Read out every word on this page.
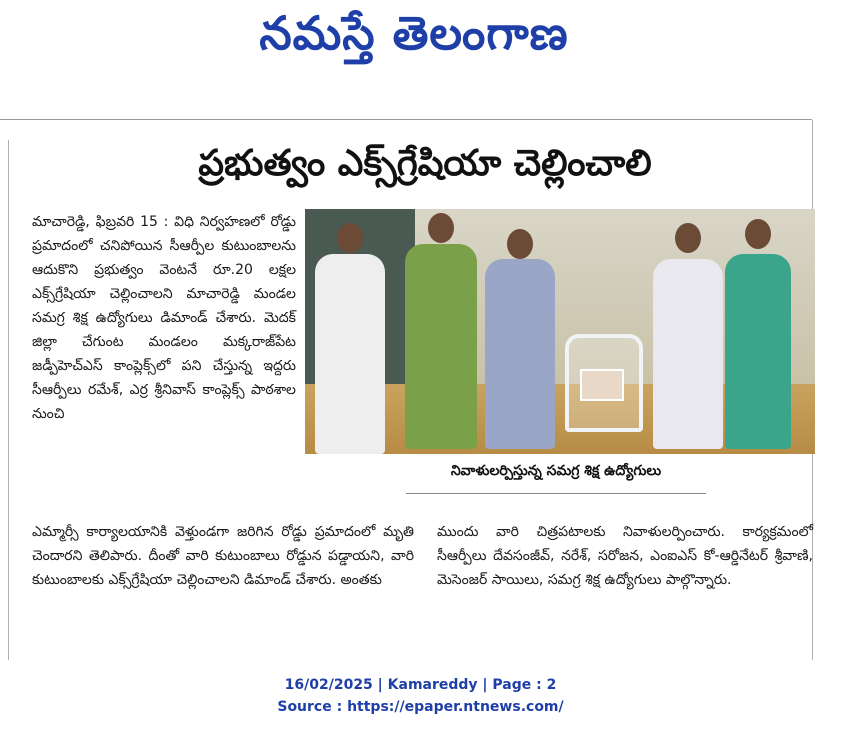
నమస్తే తెలంగాణ
ప్రభుత్వం ఎక్స్‌గ్రేషియా చెల్లించాలి

మాచారెడ్డి, ఫిబ్రవరి 15 : విధి నిర్వహణలో రోడ్డు ప్రమాదంలో చనిపోయిన సీఆర్పీల కుటుంబాలను ఆదుకొని ప్రభుత్వం వెంటనే రూ.20 లక్షల ఎక్స్‌గ్రేషియా చెల్లించాలని మాచారెడ్డి మండల సమగ్ర శిక్ష ఉద్యోగులు డిమాండ్ చేశారు. మెదక్ జిల్లా చేగుంట మండలం మక్కరాజ్‌పేట జడ్పీహెచ్‌ఎస్ కాంప్లెక్స్‌లో పని చేస్తున్న ఇద్దరు సీఆర్పీలు రమేశ్, ఎర్ర శ్రీనివాస్ కాంప్లెక్స్ పాఠశాల నుంచి

నివాళులర్పిస్తున్న సమగ్ర శిక్ష ఉద్యోగులు

ఎమ్మార్సీ కార్యాలయానికి వెళ్తుండగా జరిగిన రోడ్డు ప్రమాదంలో మృతి చెందారని తెలిపారు. దీంతో వారి కుటుంబాలు రోడ్డున పడ్డాయని, వారి కుటుంబాలకు ఎక్స్‌గ్రేషియా చెల్లించాలని డిమాండ్ చేశారు. అంతకు

ముందు వారి చిత్రపటాలకు నివాళులర్పించారు. కార్యక్రమంలో సీఆర్పీలు దేవసంజీవ్, నరేశ్, సరోజన, ఎంఐఎస్ కో-ఆర్డినేటర్ శ్రీవాణి, మెసెంజర్ సాయిలు, సమగ్ర శిక్ష ఉద్యోగులు పాల్గొన్నారు.

16/02/2025 | Kamareddy | Page : 2
Source : https://epaper.ntnews.com/
